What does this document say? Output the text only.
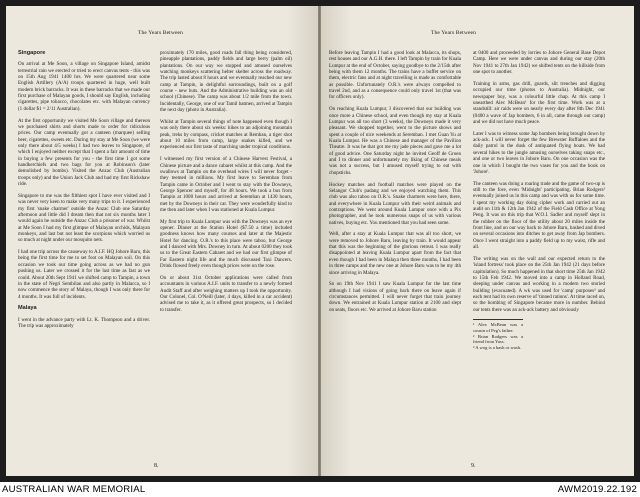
The Years Between
Singapore

On arrival at Me Soon, a village on Singapore Island, amidst terrestrial rain we erected or tried to erect canvas tents - this was on 15th Aug 1941 1400 hrs. We were quartered near some English Artillery (A/A) troops quartered in huge, well built modern brick barracks. It was in these barracks that we made our first purchase of Malayan goods, I should say English, including cigarettes, pipe tobacco, chocolates etc. with Malayan currency (1 dollar $1 = 2/11 Australian).

At the first opportunity we visited Me Soon village and thereon we purchased shirts and shorts made to order for ridiculous prices. Our camp eventually got a canteen (marquee) selling beer, cigarettes, sweets etc. During my stay at Me Soon (we were only there about 4/5 weeks) I had two leaves to Singapore, of which I enjoyed neither except that I spent a fair amount of time in buying a few presents for you - the first time I got some handkerchiefs and two bags for you at Robinson's (later demolished by bombs). Visited the Anzac Club (Australian troops only) and the Union Jack Club and had my first Rickshaw ride.

Singapore to me was the filthiest spot I have ever visited and I was never very keen to make very many trips to it. I experienced my first 'snake charmer' outside the Anzac Club one Saturday afternoon and little did I dream then that not six months later I would again be outside the Anzac Club a prisoner of war. Whilst at Me Soon I had my first glimpse of Malayan orchids, Malayan monkeys, and last but not least the scorpions which worried us so much at night under our mosquito nets.

I had one trip across the causeway to A.I.F. HQ Johore Baru, this being the first time for me to set foot on Malayan soil. On this occasion we took our time going across as we had no gun pushing us. Later we crossed it for the last time as fast as we could. About 20th Sept 1941 we shifted camp to Tampin, a town in the state of Negri Sembilan and also partly in Malacca, so I now commence the story of Malaya, though I was only there for 4 months. It was full of incidents.

Malaya

I went in the advance party with Lt. K. Thompson and a driver. The trip was approximately

proximately 170 miles, good roads fall thing being considered, pineapple plantations, paddy fields and large berry (palm oil) plantations. On our way we stopped and amused ourselves watching monkeys scattering helter skelter across the roadway. The trip lasted about 8 hours and we eventually reached our new camp at Tampin, in delightful surroundings, built on a golf course - new huts. And the Administrative building was an old school (Chinese). The camp was about 1/2 mile from the town. Incidentally, George, one of our Tamil batmen, arrived at Tampin the next day (photo in Australia).

Whilst at Tampin several things of note happened even though I was only there about six weeks: hikes to an adjoining mountain peak, treks by compass, cricket matches at Remban, a tiger shot about 10 miles from camp, large snakes killed, and we experienced our first taste of marching under tropical conditions.

I witnessed my first version of a Chinese Harvest Festival, a Chinese picture and a dance cabaret whilst at this camp. And the swallows at Tampin on the overhead wires I will never forget - they teemed in millions. My first leave to Seremban from Tampin came in October and I went to stay with the Downeys, George Spencer and myself, for 48 hours. We took a bus from Tampin at 1000 hours and arrived at Seremban at 1430 hours, met by the Downeys in their car. They were wonderfully kind to me then and later when I was stationed at Kuala Lumpur.

My first trip to Kuala Lumpur was with the Downeys was an eye opener. Dinner at the Station Hotel ($7.50 a time) included goodness knows how many courses and later at the Majestic Hotel for dancing. O.R.'s to this place were taboo, but George and I danced with Mrs. Downey in turn. At about 0200 they took us to the Great Eastern Cabaret and we had our first glimpse of Far Eastern night life and the much discussed Taxi Dancers. Drink flowed freely even though prices were on the rose.

On or about 31st October applications were called from accountants in various A.I.F. units to transfer to a newly formed Audit Staff and after weighing matters up I took the opportunity. Our Colonel, Col. O'Neill (later, 4 days, killed in a car accident) advised me to take it, as it offered great prospects, so I decided to transfer.

8.
The Years Between

Before leaving Tampin I had a good look at Malacca, its shops, rest houses and our A.G.H. there. I left Tampin by train for Kuala Lumpur at the end of October, saying goodbye to the 2/15th after being with them 12 months. The trains have a buffet service on them, electric fans and at night travelling is made as comfortable as possible. Unfortunately O.R.'s were always compelled to travel 2nd, and as a consequence could only travel 1st (that was for officers only).

On reaching Kuala Lumpur, I discovered that our building was once more a Chinese school, and even though my stay at Kuala Lumpur was all too short (3 weeks), the Downeys made it very pleasant. We shopped together, went to the picture shows and spent a couple of nice weekends at Seremban. I met Guan Yu at Kuala Lumpur. He was a Chinese and manager of the Pavilion Theatre. It was he that got me my jade pieces and gave me a lot of good advice. One Saturday night he invited Geoff de Groen and I to dinner and unfortunately my liking of Chinese meals was not a success, but I amused myself trying to eat with chopsticks.

Hockey matches and football matches were played on the Selangor Club's padang and we enjoyed watching them. This club was also taboo on O.R.'s. Snake charmers were here, there, and everywhere in Kuala Lumpur with their weird animals and contraptions. We went around Kuala Lumpur once with a Pix photographer, and he took numerous snaps of us with various natives, buying etc. You mentioned that you had seen some.

Well, after a stay at Kuala Lumpur that was all too short, we were removed to Johore Baru, leaving by train. It would appear that this was the beginning of the glorious retreat. I was really disappointed at leaving Kuala Lumpur apart from the fact that even though I had been in Malaya then three months, I had been in three camps and the new one at Johore Baru was to be my 4th since arriving in Malaya.

So on 19th Nov 1941 I saw Kuala Lumpur for the last time although I had visions of going back there on leave again if circumstances permitted. I will never forget that train journey down. We entrained at Kuala Lumpur station at 2100 and slept on seats, floors etc. We arrived at Johore Baru station

at 0400 and proceeded by lorries to Johore General Base Depot Camp. Here we were under canvas and during our stay (20th Nov 1941 to 27th Jan 1942) we shifted tents on the hillside from one spot to another.

Training in arms, gas drill, guards, slit trenches and digging occupied our time (photos to Australia). Midnight, our newspaper boy, was a colourful little chap. At this camp I unearthed Alec McBean¹ for the first time. Work was at a standstill: air raids were on nearly every day after 8th Dec 1941 (0400 a wave of Jap bombers, 6 in all, came through our camp) and we did not have much peace.

Later I was to witness some Jap bombers being brought down by ack-ack. I will never forget the few Brewster Buffaloes and the daily patrol in the dusk of antiquated flying boats. We had several hikes to the jungle amusing ourselves taking snaps etc., and one or two leaves in Johore Baru. On one occasion was the one in which I bought the two vases for you and the book on 'Johore'.

The canteen was doing a roaring trade and the game of two-up is still to the fore, even 'Midnight' participating. Brian Rodgers² eventually joined us in this camp and was with us for some time. I spent my working day doing cipher work and carried out an audit on 11th & 12th Jan 1942 of the Field Cash Office at Yong Peng. It was on this trip that W.O.I. Sadler and myself slept in the rubber on the floor of the utility about 20 miles inside the front line, and on our way back to Johore Baru, bashed and dived on several occasions into ditches to get away from Jap bombers. Once I went straight into a paddy field up to my waist, rifle and all.

The writing was on the wall and our expected return to the 'island fortress' took place on the 25th Jan 1942 (21 days before capitulation). So much happened in that short time 25th Jan 1942 to 15th Feb 1942. We moved into a camp in Holland Road, sleeping under canvas and working in a modern two storied building (evacuated). A wk was used for 'camp' purposes³ and each tent had its own reserve of 'tinned rations'. At time raced on, so the bombing of Singapore became more in number. Behind our tents there was an ack-ack battery and obviously

¹ Alex McBean was a cousin of Peg's father.
² Brian Rodgers was a friend from Yass.
³ A wog is a bash or wash.
9.
AUSTRALIAN WAR MEMORIAL	AWM2019.22.192
